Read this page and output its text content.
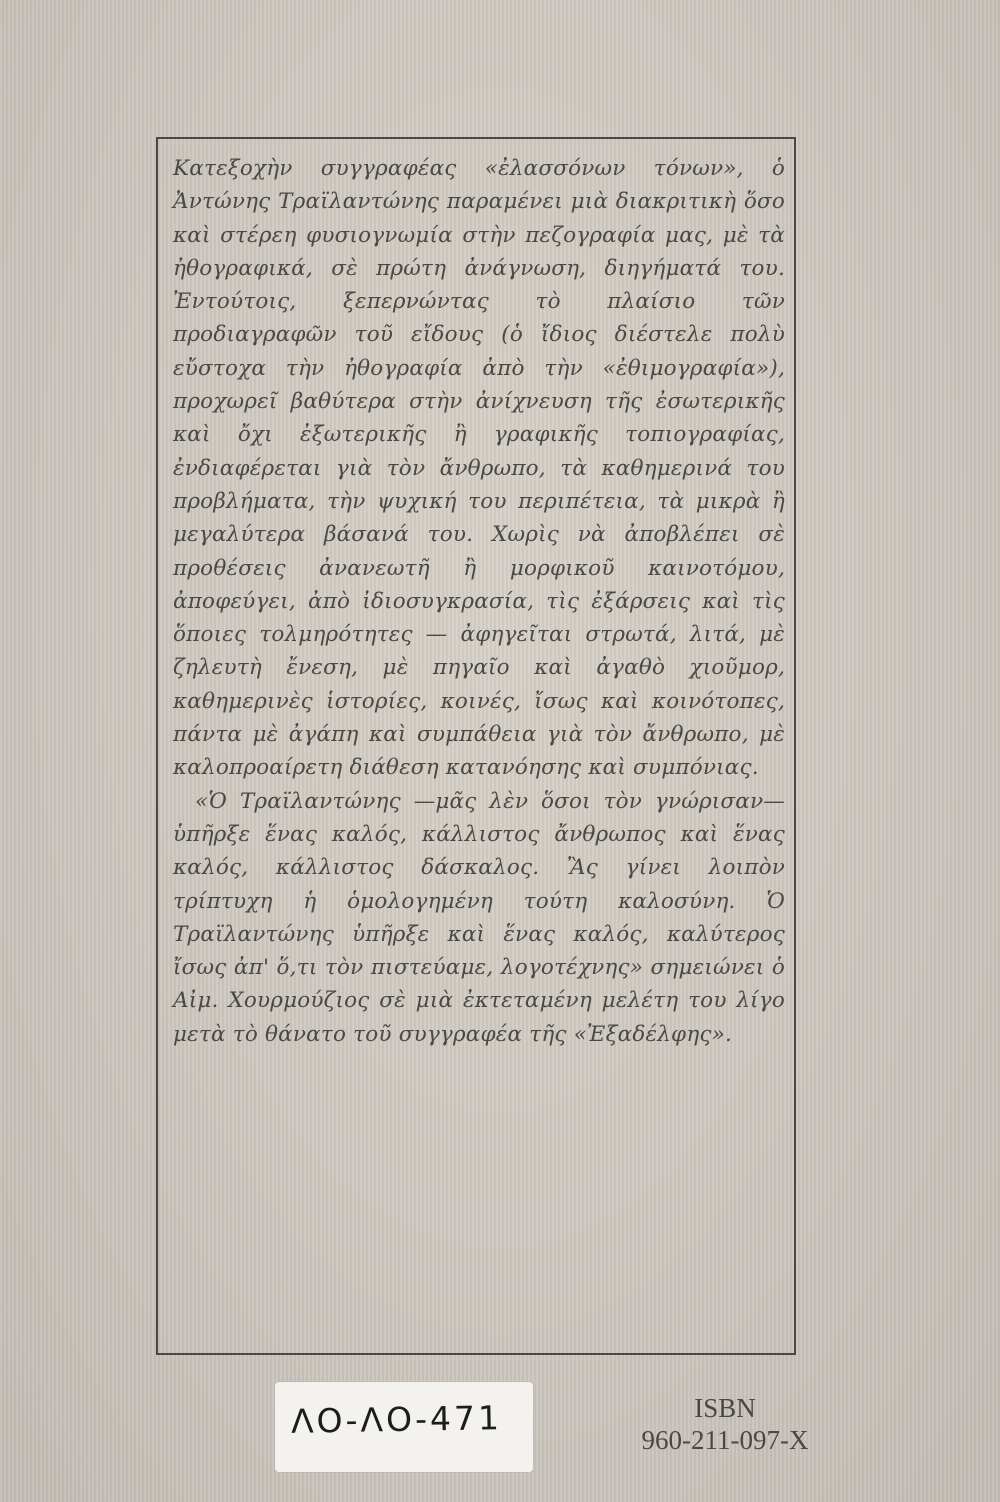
Κατεξοχὴν συγγραφέας «ἐλασσόνων τόνων», ὁ Ἀντώνης Τραϊλαντώνης παραμένει μιὰ διακριτικὴ ὅσο καὶ στέρεη φυσιογνωμία στὴν πεζογραφία μας, μὲ τὰ ἠθογραφικά, σὲ πρώτη ἀνάγνωση, διηγήματά του. Ἐντούτοις, ξεπερνώντας τὸ πλαίσιο τῶν προδιαγραφῶν τοῦ εἴδους (ὁ ἴδιος διέστελε πολὺ εὔστοχα τὴν ἠθογραφία ἀπὸ τὴν «ἐθιμογραφία»), προχωρεῖ βαθύτερα στὴν ἀνίχνευση τῆς ἐσωτερικῆς καὶ ὄχι ἐξωτερικῆς ἢ γραφικῆς τοπιογραφίας, ἐνδιαφέρεται γιὰ τὸν ἄνθρωπο, τὰ καθημερινά του προβλήματα, τὴν ψυχική του περιπέτεια, τὰ μικρὰ ἢ μεγαλύτερα βάσανά του. Χωρὶς νὰ ἀποβλέπει σὲ προθέσεις ἀνανεωτῆ ἢ μορφικοῦ καινοτόμου, ἀποφεύγει, ἀπὸ ἰδιοσυγκρασία, τὶς ἐξάρσεις καὶ τὶς ὅποιες τολμηρότητες — ἀφηγεῖται στρωτά, λιτά, μὲ ζηλευτὴ ἔνεση, μὲ πηγαῖο καὶ ἀγαθὸ χιοῦμορ, καθημερινὲς ἱστορίες, κοινές, ἴσως καὶ κοινότοπες, πάντα μὲ ἀγάπη καὶ συμπάθεια γιὰ τὸν ἄνθρωπο, μὲ καλοπροαίρετη διάθεση κατανόησης καὶ συμπόνιας.

«Ὁ Τραϊλαντώνης —μᾶς λὲν ὅσοι τὸν γνώρισαν— ὑπῆρξε ἕνας καλός, κάλλιστος ἄνθρωπος καὶ ἕνας καλός, κάλλιστος δάσκαλος. Ἂς γίνει λοιπὸν τρίπτυχη ἡ ὁμολογημένη τούτη καλοσύνη. Ὁ Τραϊλαντώνης ὑπῆρξε καὶ ἕνας καλός, καλύτερος ἴσως ἀπ' ὅ,τι τὸν πιστεύαμε, λογοτέχνης» σημειώνει ὁ Αἰμ. Χουρμούζιος σὲ μιὰ ἐκτεταμένη μελέτη του λίγο μετὰ τὸ θάνατο τοῦ συγγραφέα τῆς «Ἐξαδέλφης».

ΛΟ-ΛΟ-471	ISBN
960-211-097-X
